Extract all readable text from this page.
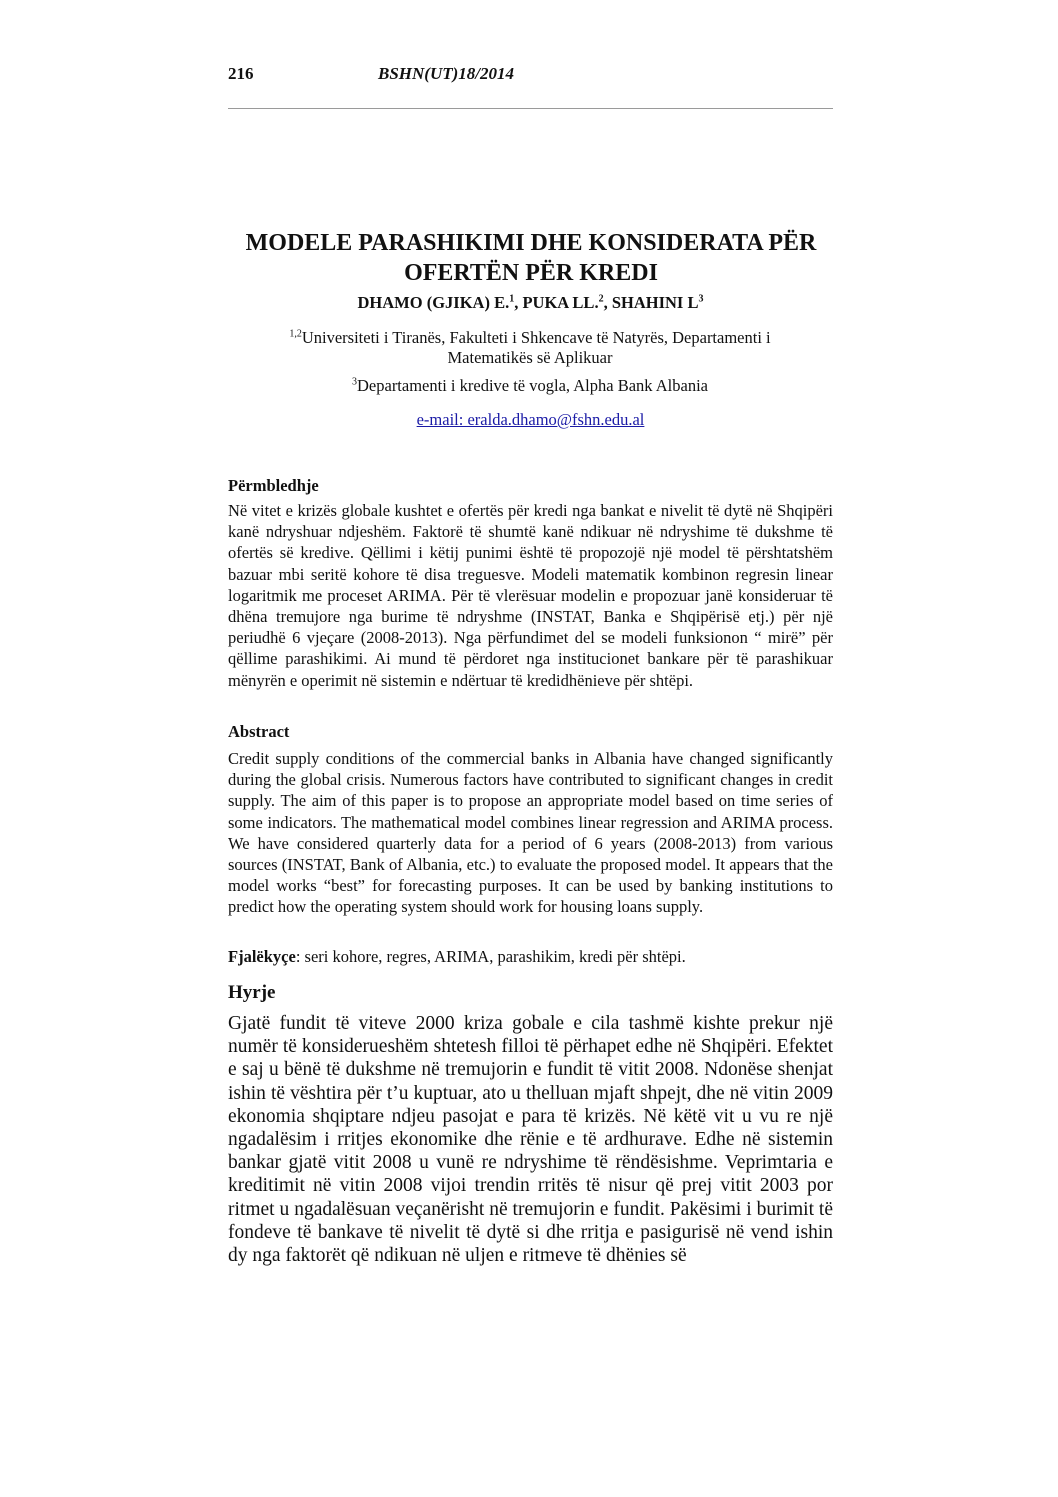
216	BSHN(UT)18/2014
MODELE PARASHIKIMI DHE KONSIDERATA PËR
OFERTËN PËR KREDI
DHAMO (GJIKA) E.$^1$, PUKA LL.$^2$, SHAHINI $L^3$
$^{1,2}$Universiteti i Tiranës, Fakulteti i Shkencave të Natyrës, Departamenti i
Matematikës së Aplikuar
$^3$Departamenti i kredive të vogla, Alpha Bank Albania
e-mail: eralda.dhamo@fshn.edu.al
Përmbledhje

Në vitet e krizës globale kushtet e ofertës për kredi nga bankat e nivelit të dytë në Shqipëri kanë ndryshuar ndjeshëm. Faktorë të shumtë kanë ndikuar në ndryshime të dukshme të ofertës së kredive. Qëllimi i këtij punimi është të propozojë një model të përshtatshëm bazuar mbi seritë kohore të disa treguesve. Modeli matematik kombinon regresin linear logaritmik me proceset ARIMA. Për të vlerësuar modelin e propozuar janë konsideruar të dhëna tremujore nga burime të ndryshme (INSTAT, Banka e Shqipërisë etj.) për një periudhë 6 vjeçare (2008-2013). Nga përfundimet del se modeli funksionon “ mirë” për qëllime parashikimi. Ai mund të përdoret nga institucionet bankare për të parashikuar mënyrën e operimit në sistemin e ndërtuar të kredidhënieve për shtëpi.

Abstract

Credit supply conditions of the commercial banks in Albania have changed significantly during the global crisis. Numerous factors have contributed to significant changes in credit supply. The aim of this paper is to propose an appropriate model based on time series of some indicators. The mathematical model combines linear regression and ARIMA process. We have considered quarterly data for a period of 6 years (2008-2013) from various sources (INSTAT, Bank of Albania, etc.) to evaluate the proposed model. It appears that the model works “best” for forecasting purposes. It can be used by banking institutions to predict how the operating system should work for housing loans supply.

Fjalëkyçe: seri kohore, regres, ARIMA, parashikim, kredi për shtëpi.
Hyrje

Gjatë fundit të viteve 2000 kriza gobale e cila tashmë kishte prekur një numër të konsiderueshëm shtetesh filloi të përhapet edhe në Shqipëri. Efektet e saj u bënë të dukshme në tremujorin e fundit të vitit 2008. Ndonëse shenjat ishin të vështira për t’u kuptuar, ato u thelluan mjaft shpejt, dhe në vitin 2009 ekonomia shqiptare ndjeu pasojat e para të krizës. Në këtë vit u vu re një ngadalësim i rritjes ekonomike dhe rënie e të ardhurave. Edhe në sistemin bankar gjatë vitit 2008 u vunë re ndryshime të rëndësishme. Veprimtaria e kreditimit në vitin 2008 vijoi trendin rritës të nisur që prej vitit 2003 por ritmet u ngadalësuan veçanërisht në tremujorin e fundit. Pakësimi i burimit të fondeve të bankave të nivelit të dytë si dhe rritja e pasigurisë në vend ishin dy nga faktorët që ndikuan në uljen e ritmeve të dhënies së
